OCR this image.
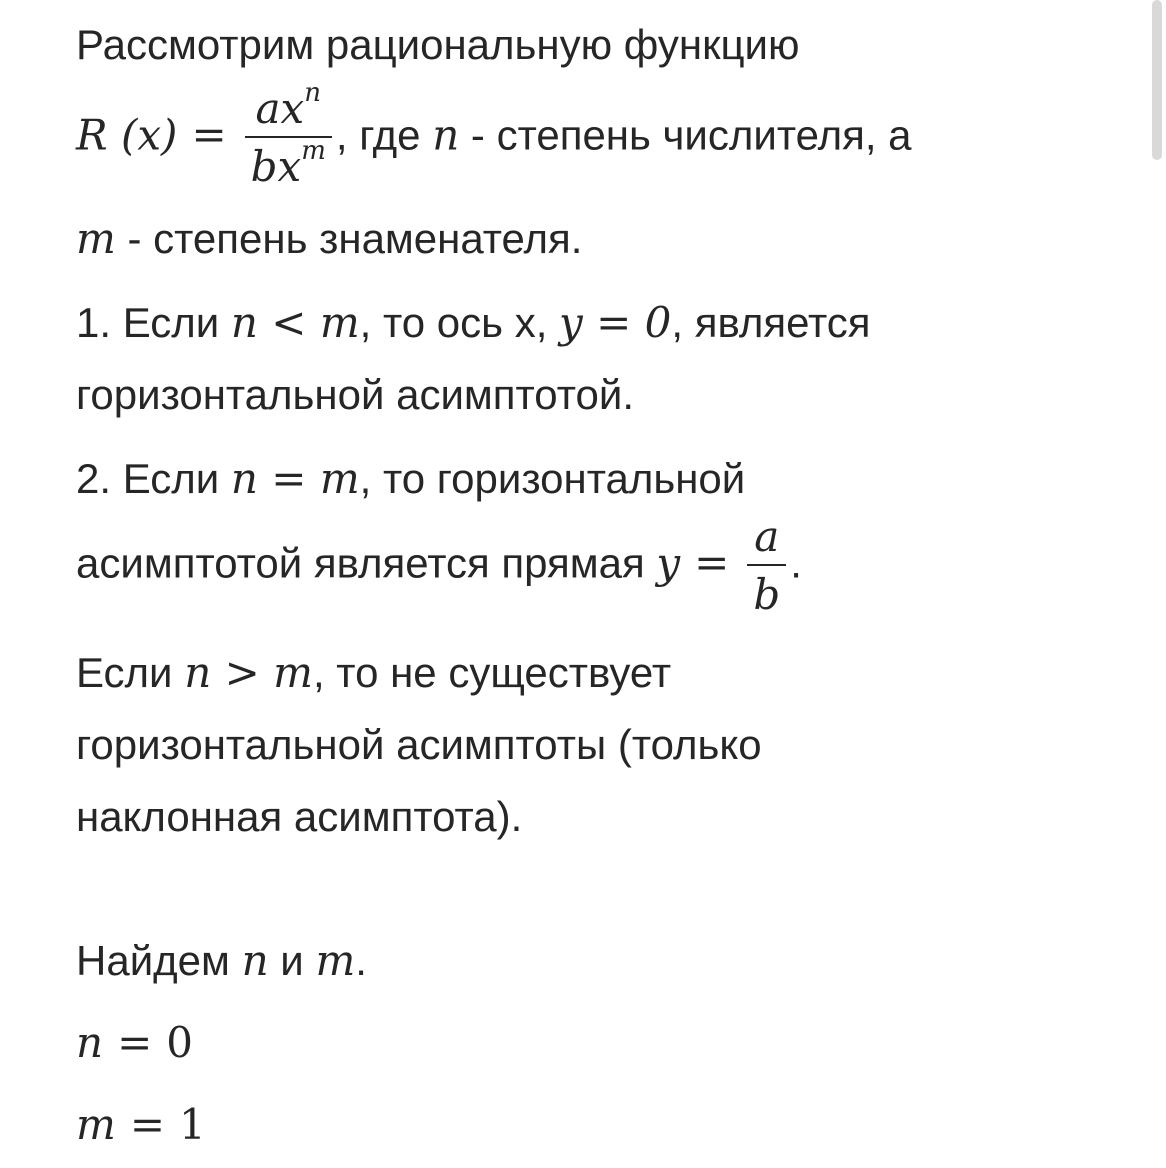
Рассмотрим рациональную функцию
R $(x) = \frac{ax^n}{bx^m}$ , где n - степень числителя, а
m - степень знаменателя.
1. Если n < m, то ось х, y = 0, является
горизонтальной асимптотой.
2. Если n = m, то горизонтальной
асимптотой является прямая $y = \frac{a}{b}$ .
Если n > m, то не существует
горизонтальной асимптоты (только
наклонная асимптота).
Найдем n и m.
n = 0
m = 1
